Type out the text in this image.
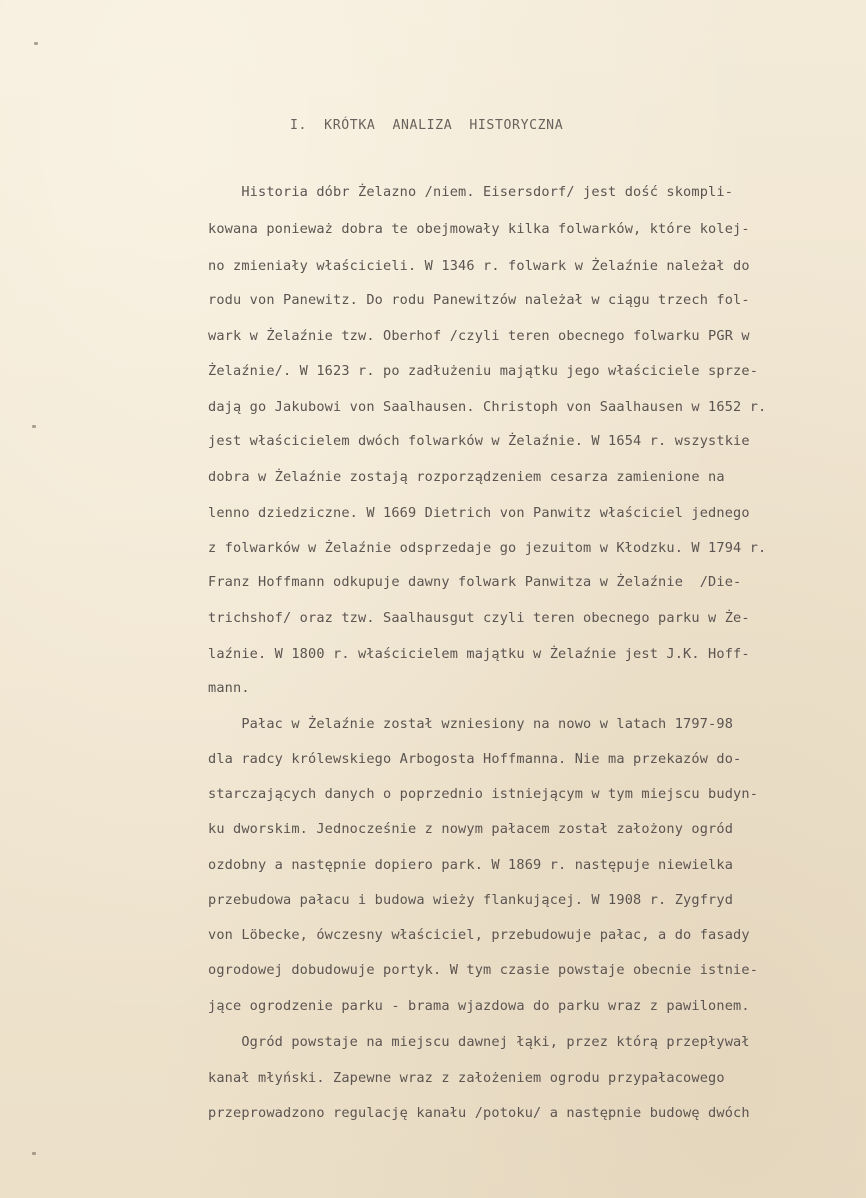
I.  KRÓTKA  ANALIZA  HISTORYCZNA
Historia dóbr Żelazno /niem. Eisersdorf/ jest dość skompli-
kowana ponieważ dobra te obejmowały kilka folwarków, które kolej-
no zmieniały właścicieli. W 1346 r. folwark w Żelaźnie należał do
rodu von Panewitz. Do rodu Panewitzów należał w ciągu trzech fol-
wark w Żelaźnie tzw. Oberhof /czyli teren obecnego folwarku PGR w
Żelaźnie/. W 1623 r. po zadłużeniu majątku jego właściciele sprze-
dają go Jakubowi von Saalhausen. Christoph von Saalhausen w 1652 r.
jest właścicielem dwóch folwarków w Żelaźnie. W 1654 r. wszystkie
dobra w Żelaźnie zostają rozporządzeniem cesarza zamienione na
lenno dziedziczne. W 1669 Dietrich von Panwitz właściciel jednego
z folwarków w Żelaźnie odsprzedaje go jezuitom w Kłodzku. W 1794 r.
Franz Hoffmann odkupuje dawny folwark Panwitza w Żelaźnie  /Die-
trichshof/ oraz tzw. Saalhausgut czyli teren obecnego parku w Że-
laźnie. W 1800 r. właścicielem majątku w Żelaźnie jest J.K. Hoff-
mann.
Pałac w Żelaźnie został wzniesiony na nowo w latach 1797-98
dla radcy królewskiego Arbogosta Hoffmanna. Nie ma przekazów do-
starczających danych o poprzednio istniejącym w tym miejscu budyn-
ku dworskim. Jednocześnie z nowym pałacem został założony ogród
ozdobny a następnie dopiero park. W 1869 r. następuje niewielka
przebudowa pałacu i budowa wieży flankującej. W 1908 r. Zygfryd
von Löbecke, ówczesny właściciel, przebudowuje pałac, a do fasady
ogrodowej dobudowuje portyk. W tym czasie powstaje obecnie istnie-
jące ogrodzenie parku - brama wjazdowa do parku wraz z pawilonem.
Ogród powstaje na miejscu dawnej łąki, przez którą przepływał
kanał młyński. Zapewne wraz z założeniem ogrodu przypałacowego
przeprowadzono regulację kanału /potoku/ a następnie budowę dwóch
